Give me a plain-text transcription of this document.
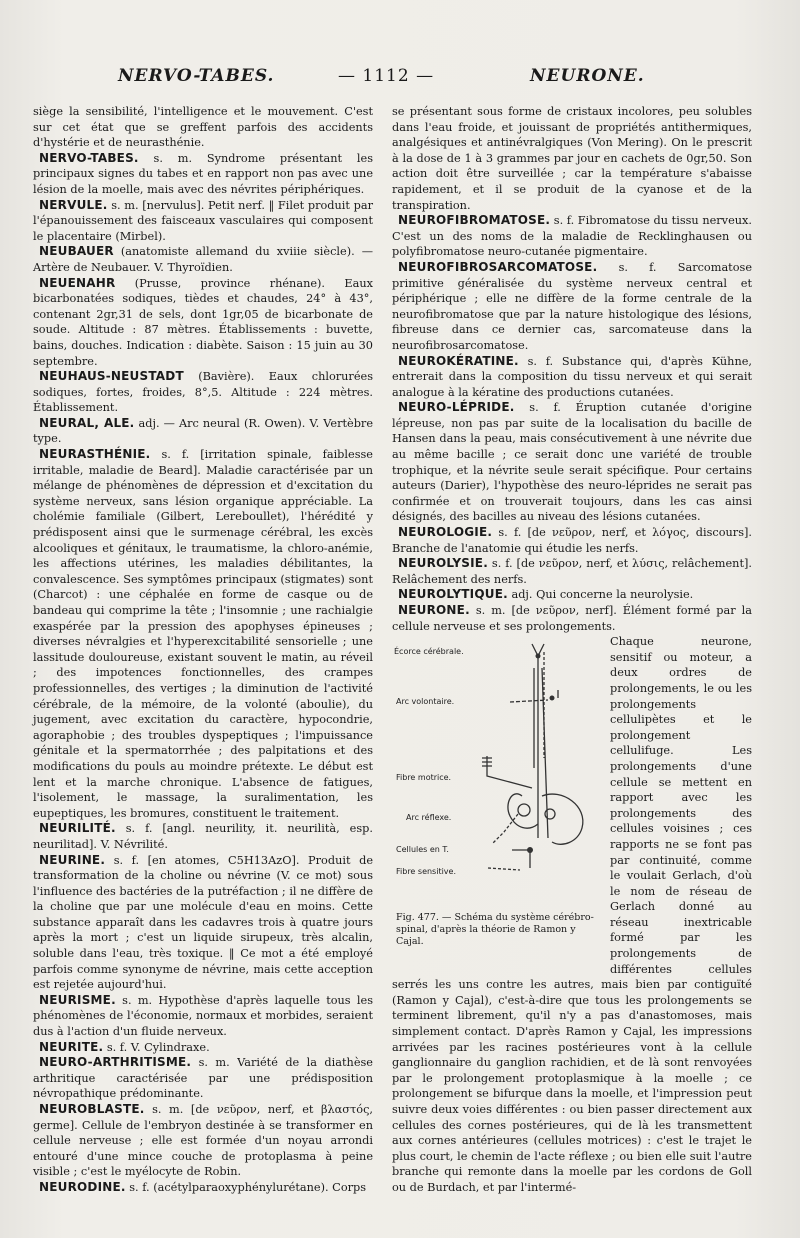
NERVO-TABES.	— 1112 —	NEURONE.

siège la sensibilité, l'intelligence et le mouvement. C'est sur cet état que se greffent parfois des accidents d'hystérie et de neurasthénie.

NERVO-TABES. s. m. Syndrome présentant les principaux signes du tabes et en rapport non pas avec une lésion de la moelle, mais avec des névrites périphériques.

NERVULE. s. m. [nervulus]. Petit nerf. ‖ Filet produit par l'épanouissement des faisceaux vasculaires qui composent le placentaire (Mirbel).

NEUBAUER (anatomiste allemand du xviiie siècle). — Artère de Neubauer. V. Thyroïdien.

NEUENAHR (Prusse, province rhénane). Eaux bicarbonatées sodiques, tièdes et chaudes, 24° à 43°, contenant 2gr,31 de sels, dont 1gr,05 de bicarbonate de soude. Altitude : 87 mètres. Établissements : buvette, bains, douches. Indication : diabète. Saison : 15 juin au 30 septembre.

NEUHAUS-NEUSTADT (Bavière). Eaux chlorurées sodiques, fortes, froides, 8°,5. Altitude : 224 mètres. Établissement.

NEURAL, ALE. adj. — Arc neural (R. Owen). V. Vertèbre type.

NEURASTHÉNIE. s. f. [irritation spinale, faiblesse irritable, maladie de Beard]. Maladie caractérisée par un mélange de phénomènes de dépression et d'excitation du système nerveux, sans lésion organique appréciable. La cholémie familiale (Gilbert, Lereboullet), l'hérédité y prédisposent ainsi que le surmenage cérébral, les excès alcooliques et génitaux, le traumatisme, la chloro-anémie, les affections utérines, les maladies débilitantes, la convalescence. Ses symptômes principaux (stigmates) sont (Charcot) : une céphalée en forme de casque ou de bandeau qui comprime la tête ; l'insomnie ; une rachialgie exaspérée par la pression des apophyses épineuses ; diverses névralgies et l'hyperexcitabilité sensorielle ; une lassitude douloureuse, existant souvent le matin, au réveil ; des impotences fonctionnelles, des crampes professionnelles, des vertiges ; la diminution de l'activité cérébrale, de la mémoire, de la volonté (aboulie), du jugement, avec excitation du caractère, hypocondrie, agoraphobie ; des troubles dyspeptiques ; l'impuissance génitale et la spermatorrhée ; des palpitations et des modifications du pouls au moindre prétexte. Le début est lent et la marche chronique. L'absence de fatigues, l'isolement, le massage, la suralimentation, les eupeptiques, les bromures, constituent le traitement.

NEURILITÉ. s. f. [angl. neurility, it. neurilità, esp. neurilitad]. V. Névrilité.

NEURINE. s. f. [en atomes, C5H13AzO]. Produit de transformation de la choline ou névrine (V. ce mot) sous l'influence des bactéries de la putréfaction ; il ne diffère de la choline que par une molécule d'eau en moins. Cette substance apparaît dans les cadavres trois à quatre jours après la mort ; c'est un liquide sirupeux, très alcalin, soluble dans l'eau, très toxique. ‖ Ce mot a été employé parfois comme synonyme de névrine, mais cette acception est rejetée aujourd'hui.

NEURISME. s. m. Hypothèse d'après laquelle tous les phénomènes de l'économie, normaux et morbides, seraient dus à l'action d'un fluide nerveux.

NEURITE. s. f. V. Cylindraxe.

NEURO-ARTHRITISME. s. m. Variété de la diathèse arthritique caractérisée par une prédisposition névropathique prédominante.

NEUROBLASTE. s. m. [de νεῦρον, nerf, et βλαστός, germe]. Cellule de l'embryon destinée à se transformer en cellule nerveuse ; elle est formée d'un noyau arrondi entouré d'une mince couche de protoplasma à peine visible ; c'est le myélocyte de Robin.

NEURODINE. s. f. (acétylparaoxyphénylurétane). Corps

se présentant sous forme de cristaux incolores, peu solubles dans l'eau froide, et jouissant de propriétés antithermiques, analgésiques et antinévralgiques (Von Mering). On le prescrit à la dose de 1 à 3 grammes par jour en cachets de 0gr,50. Son action doit être surveillée ; car la température s'abaisse rapidement, et il se produit de la cyanose et de la transpiration.

NEUROFIBROMATOSE. s. f. Fibromatose du tissu nerveux. C'est un des noms de la maladie de Recklinghausen ou polyfibromatose neuro-cutanée pigmentaire.

NEUROFIBROSARCOMATOSE. s. f. Sarcomatose primitive généralisée du système nerveux central et périphérique ; elle ne diffère de la forme centrale de la neurofibromatose que par la nature histologique des lésions, fibreuse dans ce dernier cas, sarcomateuse dans la neurofibrosarcomatose.

NEUROKÉRATINE. s. f. Substance qui, d'après Kühne, entrerait dans la composition du tissu nerveux et qui serait analogue à la kératine des productions cutanées.

NEURO-LÉPRIDE. s. f. Éruption cutanée d'origine lépreuse, non pas par suite de la localisation du bacille de Hansen dans la peau, mais consécutivement à une névrite due au même bacille ; ce serait donc une variété de trouble trophique, et la névrite seule serait spécifique. Pour certains auteurs (Darier), l'hypothèse des neuro-léprides ne serait pas confirmée et on trouverait toujours, dans les cas ainsi désignés, des bacilles au niveau des lésions cutanées.

NEUROLOGIE. s. f. [de νεῦρον, nerf, et λόγος, discours]. Branche de l'anatomie qui étudie les nerfs.

NEUROLYSIE. s. f. [de νεῦρον, nerf, et λύσις, relâchement]. Relâchement des nerfs.

NEUROLYTIQUE. adj. Qui concerne la neurolysie.

NEURONE. s. m. [de νεῦρον, nerf]. Élément formé par la cellule nerveuse et ses prolongements.

Écorce cérébrale.
Arc volontaire.
Fibre motrice.
Arc réflexe.
Cellules en T.
Fibre sensitive.
Fig. 477. — Schéma du système cérébro-spinal, d'après la théorie de Ramon y Cajal.

Chaque neurone, sensitif ou moteur, a deux ordres de prolongements, le ou les prolongements cellulipètes et le prolongement cellulifuge. Les prolongements d'une cellule se mettent en rapport avec les prolongements des cellules voisines ; ces rapports ne se font pas par continuité, comme le voulait Gerlach, d'où le nom de réseau de Gerlach donné au réseau inextricable formé par les prolongements de différentes cellules serrés les uns contre les autres, mais bien par contiguïté (Ramon y Cajal), c'est-à-dire que tous les prolongements se terminent librement, qu'il n'y a pas d'anastomoses, mais simplement contact. D'après Ramon y Cajal, les impressions arrivées par les racines postérieures vont à la cellule ganglionnaire du ganglion rachidien, et de là sont renvoyées par le prolongement protoplasmique à la moelle ; ce prolongement se bifurque dans la moelle, et l'impression peut suivre deux voies différentes : ou bien passer directement aux cellules des cornes postérieures, qui de là les transmettent aux cornes antérieures (cellules motrices) : c'est le trajet le plus court, le chemin de l'acte réflexe ; ou bien elle suit l'autre branche qui remonte dans la moelle par les cordons de Goll ou de Burdach, et par l'intermé-
